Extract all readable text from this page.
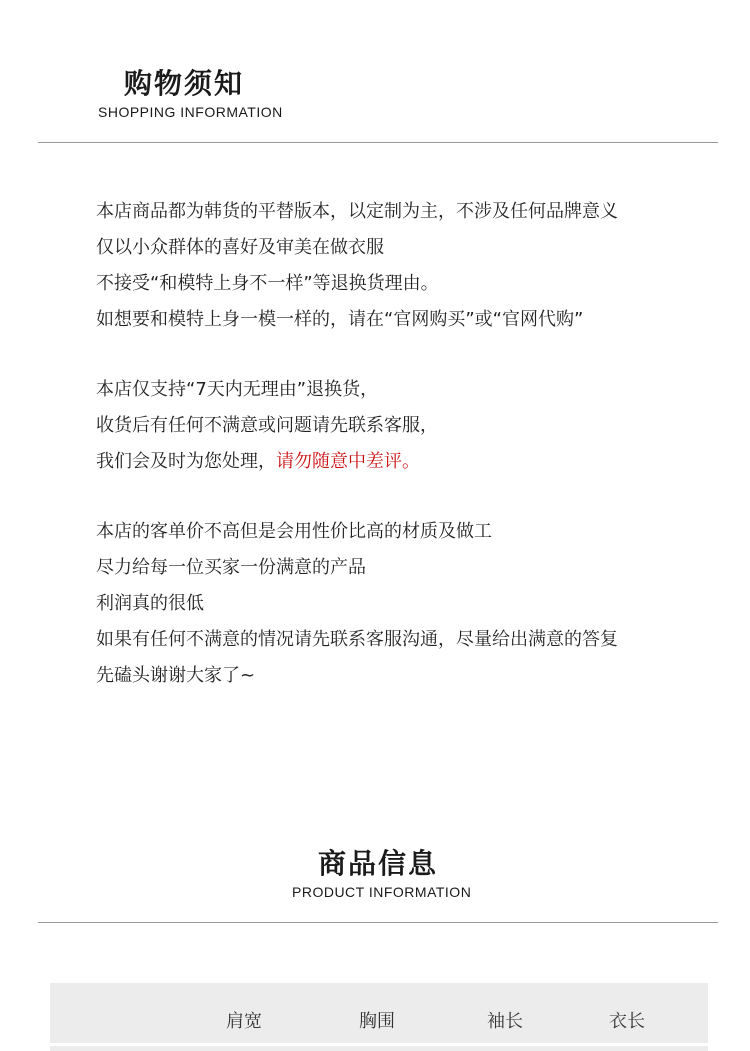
购物须知
SHOPPING INFORMATION
本店商品都为韩货的平替版本，以定制为主，不涉及任何品牌意义
仅以小众群体的喜好及审美在做衣服
不接受“和模特上身不一样”等退换货理由。
如想要和模特上身一模一样的，请在“官网购买”或“官网代购”
本店仅支持“7天内无理由”退换货，
收货后有任何不满意或问题请先联系客服，
我们会及时为您处理，请勿随意中差评。
本店的客单价不高但是会用性价比高的材质及做工
尽力给每一位买家一份满意的产品
利润真的很低
如果有任何不满意的情况请先联系客服沟通，尽量给出满意的答复
先磕头谢谢大家了~
商品信息
PRODUCT INFORMATION
肩宽	胸围	袖长	衣长
